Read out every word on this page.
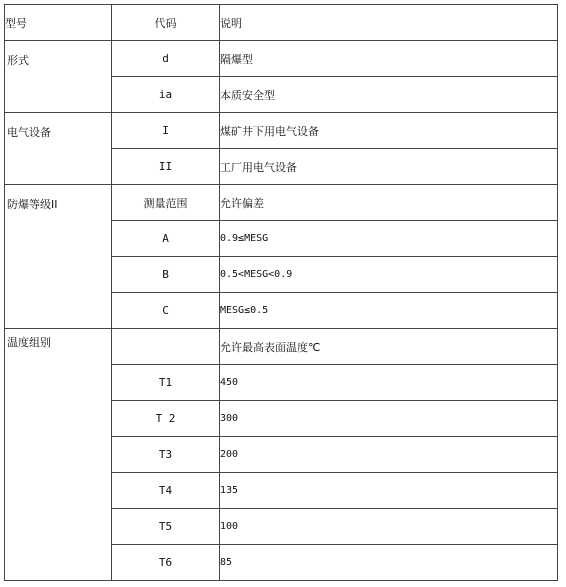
型号	代码	说明

形式	d	隔爆型
	ia	本质安全型

电气设备	I	煤矿井下用电气设备
	II	工厂用电气设备

防爆等级II	测量范围	允许偏差
	A	0.9≤MESG
	B	0.5<MESG<0.9
	C	MESG≤0.5

温度组别		允许最高表面温度℃
	T1	450
	T 2	300
	T3	200
	T4	135
	T5	100
	T6	85
